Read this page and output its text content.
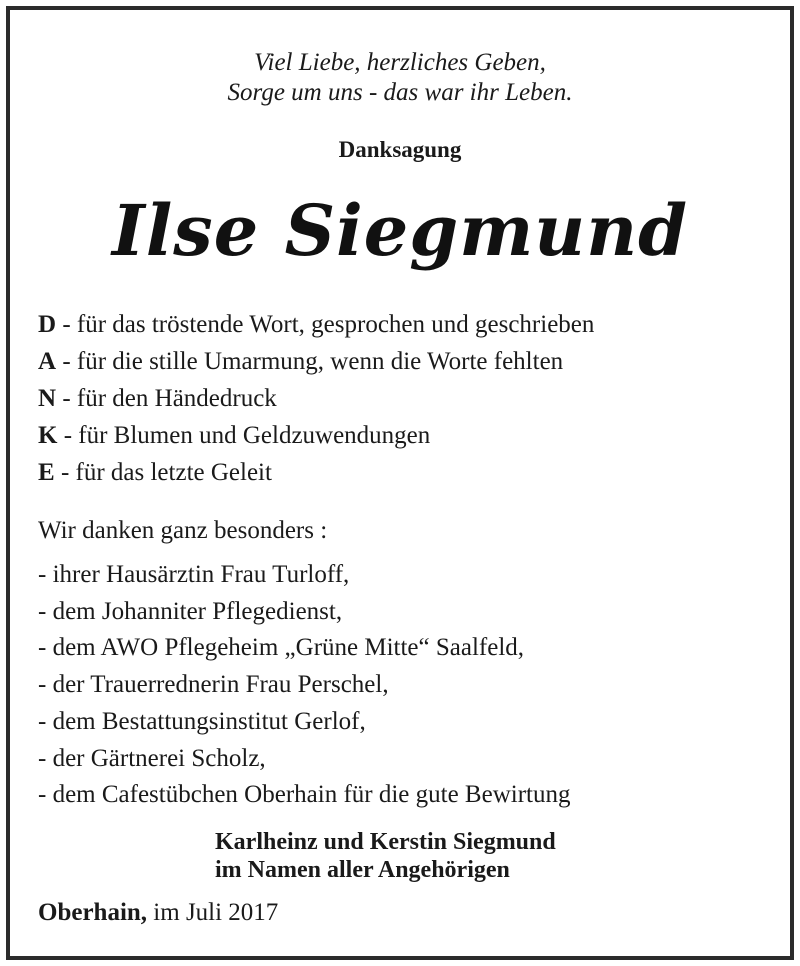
Viel Liebe, herzliches Geben,
Sorge um uns - das war ihr Leben.
Danksagung
Ilse Siegmund
D - für das tröstende Wort, gesprochen und geschrieben
A - für die stille Umarmung, wenn die Worte fehlten
N - für den Händedruck
K - für Blumen und Geldzuwendungen
E - für das letzte Geleit
Wir danken ganz besonders :
- ihrer Hausärztin Frau Turloff,
- dem Johanniter Pflegedienst,
- dem AWO Pflegeheim „Grüne Mitte“ Saalfeld,
- der Trauerrednerin Frau Perschel,
- dem Bestattungsinstitut Gerlof,
- der Gärtnerei Scholz,
- dem Cafestübchen Oberhain für die gute Bewirtung
Karlheinz und Kerstin Siegmund
im Namen aller Angehörigen
Oberhain, im Juli 2017
